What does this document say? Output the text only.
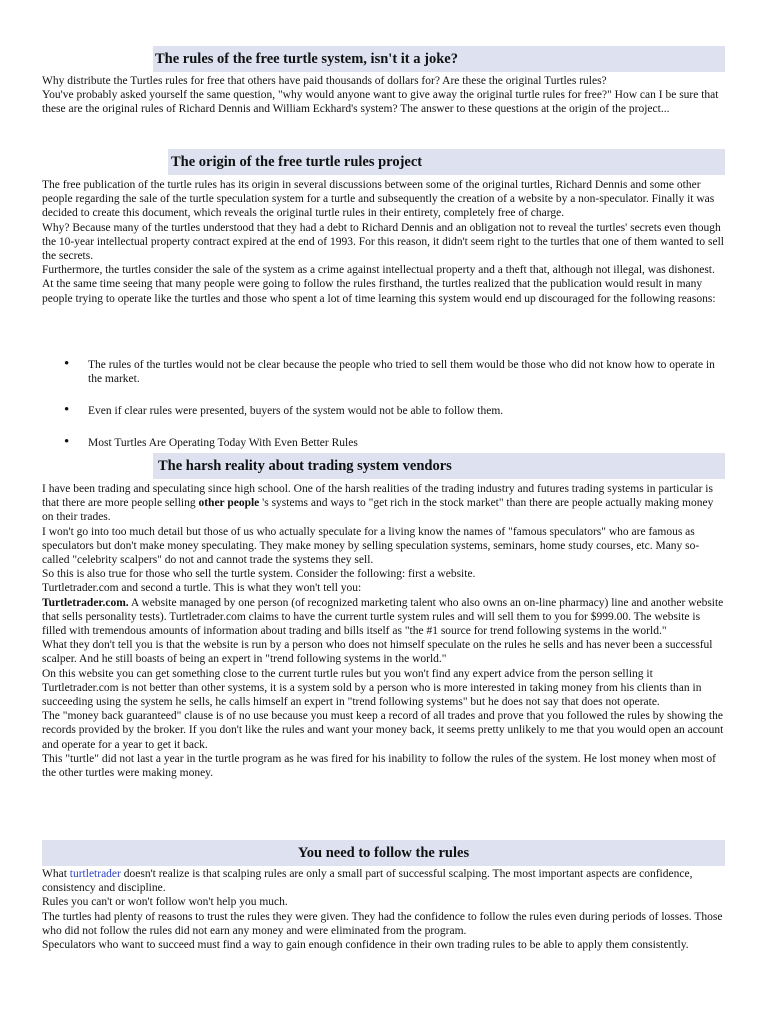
The rules of the free turtle system, isn't it a joke?

Why distribute the Turtles rules for free that others have paid thousands of dollars for? Are these the original Turtles rules?

You've probably asked yourself the same question, "why would anyone want to give away the original turtle rules for free?" How can I be sure that these are the original rules of Richard Dennis and William Eckhard's system? The answer to these questions at the origin of the project...

The origin of the free turtle rules project

The free publication of the turtle rules has its origin in several discussions between some of the original turtles, Richard Dennis and some other people regarding the sale of the turtle speculation system for a turtle and subsequently the creation of a website by a non-speculator. Finally it was decided to create this document, which reveals the original turtle rules in their entirety, completely free of charge.

Why? Because many of the turtles understood that they had a debt to Richard Dennis and an obligation not to reveal the turtles' secrets even though the 10-year intellectual property contract expired at the end of 1993. For this reason, it didn't seem right to the turtles that one of them wanted to sell the secrets.

Furthermore, the turtles consider the sale of the system as a crime against intellectual property and a theft that, although not illegal, was dishonest.

At the same time seeing that many people were going to follow the rules firsthand, the turtles realized that the publication would result in many people trying to operate like the turtles and those who spent a lot of time learning this system would end up discouraged for the following reasons:

• The rules of the turtles would not be clear because the people who tried to sell them would be those who did not know how to operate in the market.
• Even if clear rules were presented, buyers of the system would not be able to follow them.
• Most Turtles Are Operating Today With Even Better Rules
The harsh reality about trading system vendors

I have been trading and speculating since high school. One of the harsh realities of the trading industry and futures trading systems in particular is that there are more people selling other people 's systems and ways to "get rich in the stock market" than there are people actually making money on their trades.

I won't go into too much detail but those of us who actually speculate for a living know the names of "famous speculators" who are famous as speculators but don't make money speculating. They make money by selling speculation systems, seminars, home study courses, etc. Many so-called "celebrity scalpers" do not and cannot trade the systems they sell.

So this is also true for those who sell the turtle system. Consider the following: first a website.

Turtletrader.com and second a turtle. This is what they won't tell you:

Turtletrader.com. A website managed by one person (of recognized marketing talent who also owns an on-line pharmacy) line and another website that sells personality tests). Turtletrader.com claims to have the current turtle system rules and will sell them to you for $999.00. The website is filled with tremendous amounts of information about trading and bills itself as "the #1 source for trend following systems in the world."

What they don't tell you is that the website is run by a person who does not himself speculate on the rules he sells and has never been a successful scalper. And he still boasts of being an expert in "trend following systems in the world."

On this website you can get something close to the current turtle rules but you won't find any expert advice from the person selling it Turtletrader.com is not better than other systems, it is a system sold by a person who is more interested in taking money from his clients than in succeeding using the system he sells, he calls himself an expert in "trend following systems" but he does not say that does not operate.

The "money back guaranteed" clause is of no use because you must keep a record of all trades and prove that you followed the rules by showing the records provided by the broker. If you don't like the rules and want your money back, it seems pretty unlikely to me that you would open an account and operate for a year to get it back.

This "turtle" did not last a year in the turtle program as he was fired for his inability to follow the rules of the system. He lost money when most of the other turtles were making money.

You need to follow the rules

What turtletrader doesn't realize is that scalping rules are only a small part of successful scalping. The most important aspects are confidence, consistency and discipline.

Rules you can't or won't follow won't help you much.

The turtles had plenty of reasons to trust the rules they were given. They had the confidence to follow the rules even during periods of losses. Those who did not follow the rules did not earn any money and were eliminated from the program.

Speculators who want to succeed must find a way to gain enough confidence in their own trading rules to be able to apply them consistently.
